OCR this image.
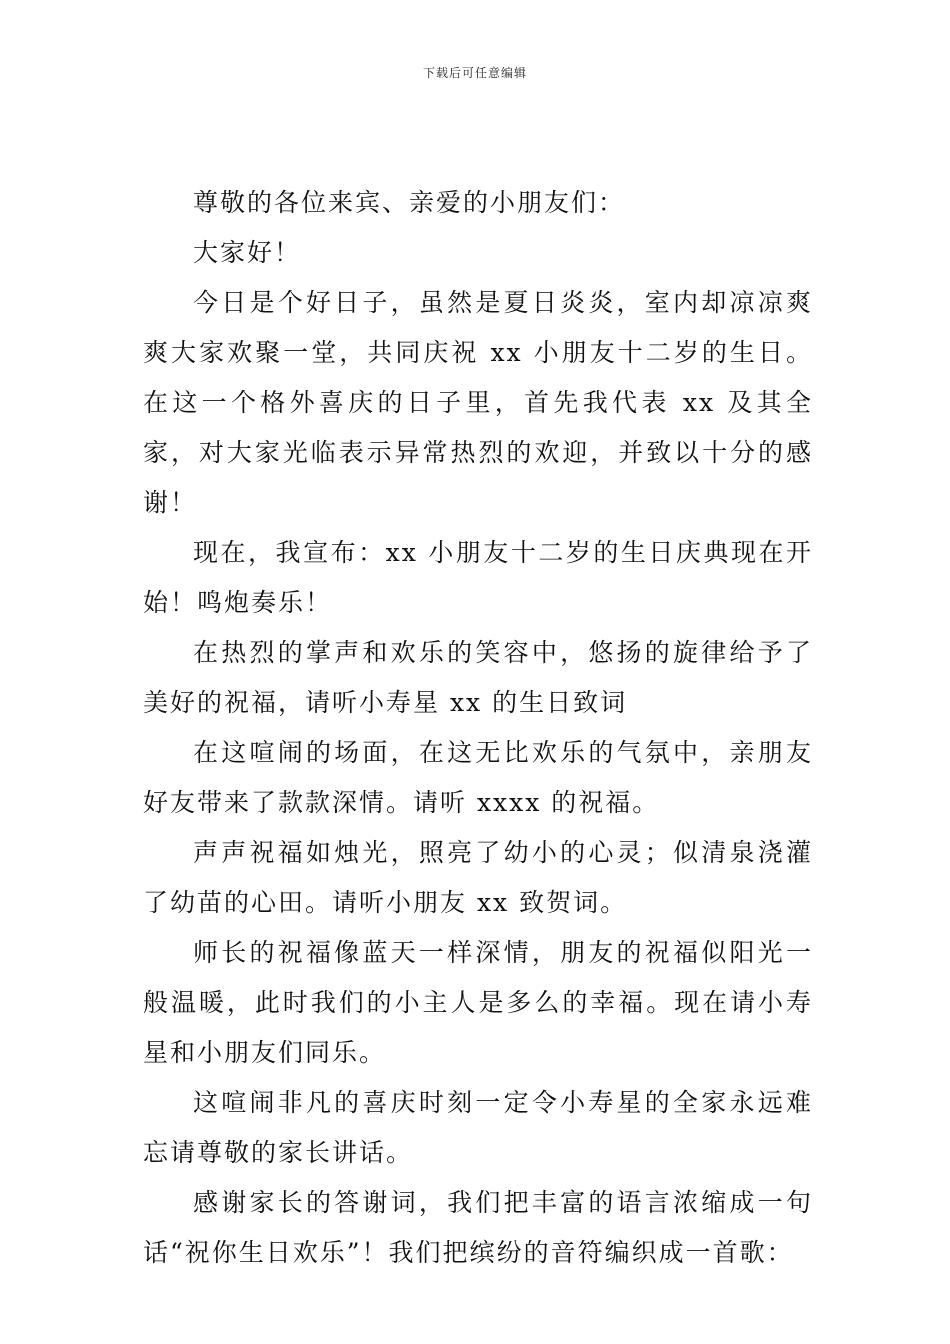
下载后可任意编辑

尊敬的各位来宾、亲爱的小朋友们：

大家好！

今日是个好日子，虽然是夏日炎炎，室内却凉凉爽爽大家欢聚一堂，共同庆祝 xx 小朋友十二岁的生日。在这一个格外喜庆的日子里，首先我代表 xx 及其全家，对大家光临表示异常热烈的欢迎，并致以十分的感谢！

现在，我宣布：xx 小朋友十二岁的生日庆典现在开始！鸣炮奏乐！

在热烈的掌声和欢乐的笑容中，悠扬的旋律给予了美好的祝福，请听小寿星 xx 的生日致词

在这喧闹的场面，在这无比欢乐的气氛中，亲朋友好友带来了款款深情。请听 xxxx 的祝福。

声声祝福如烛光，照亮了幼小的心灵；似清泉浇灌了幼苗的心田。请听小朋友 xx 致贺词。

师长的祝福像蓝天一样深情，朋友的祝福似阳光一般温暖，此时我们的小主人是多么的幸福。现在请小寿星和小朋友们同乐。

这喧闹非凡的喜庆时刻一定令小寿星的全家永远难忘请尊敬的家长讲话。

感谢家长的答谢词，我们把丰富的语言浓缩成一句话“祝你生日欢乐”！我们把缤纷的音符编织成一首歌：
